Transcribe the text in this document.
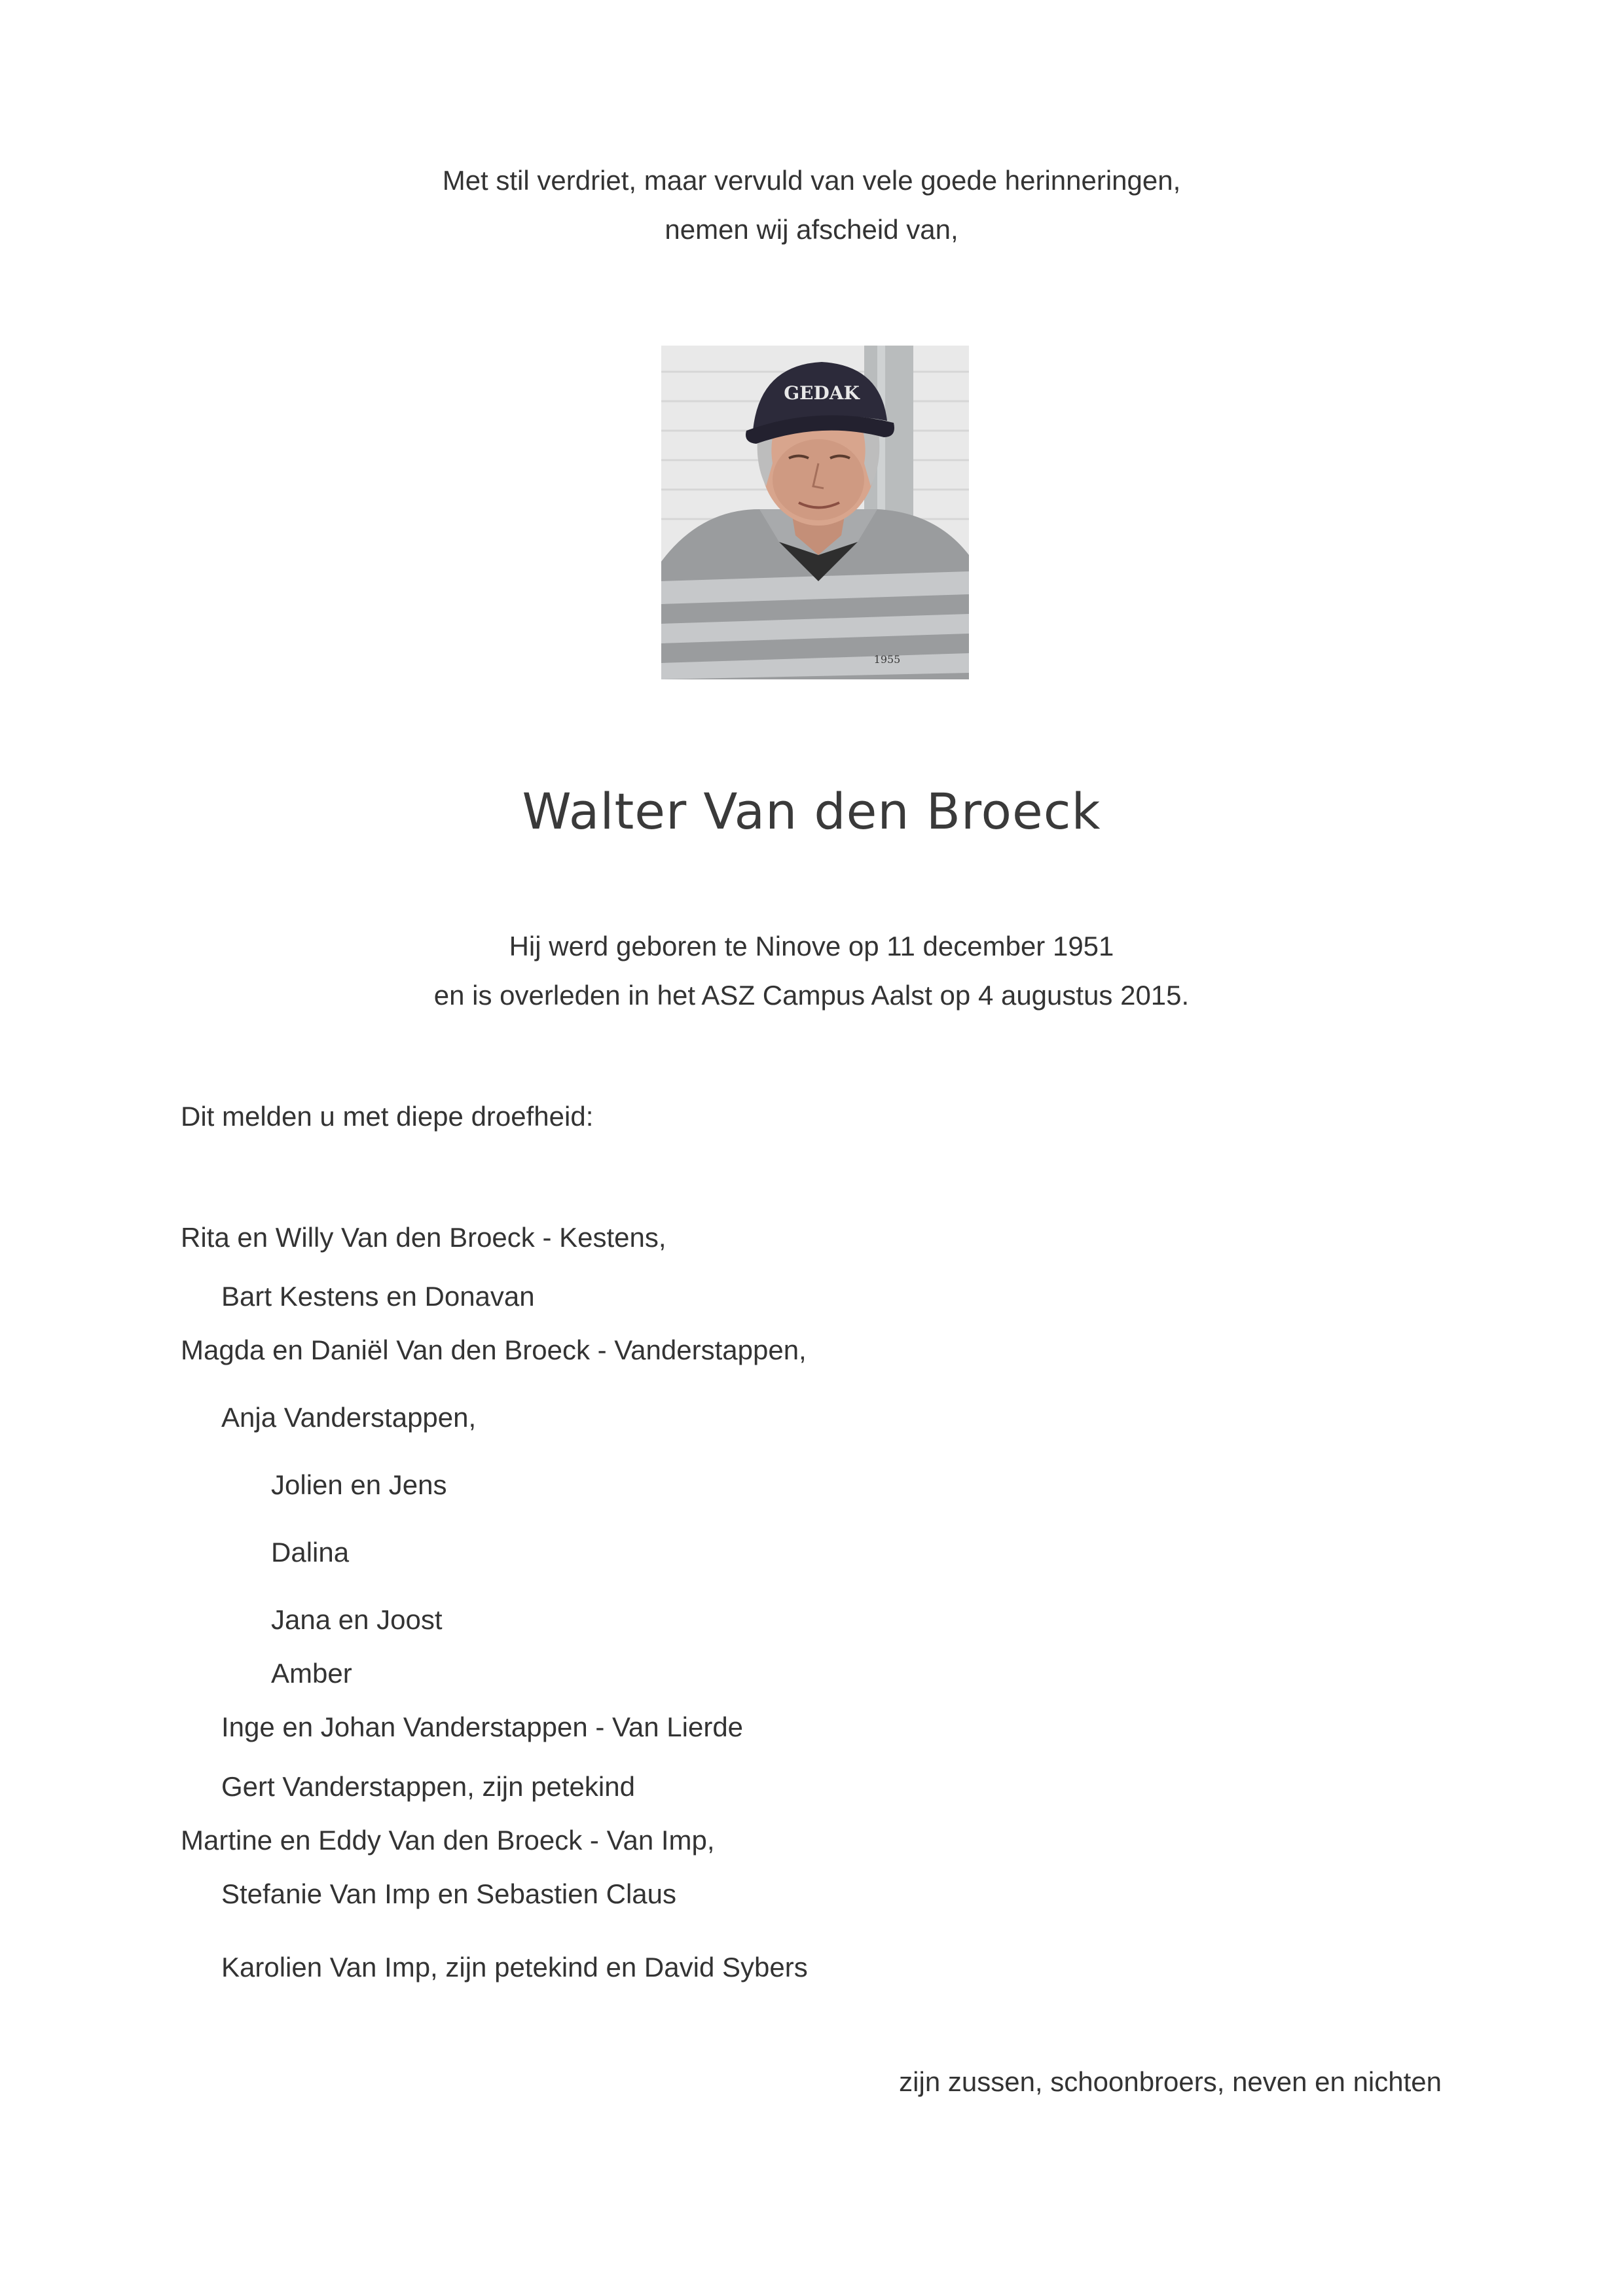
Met stil verdriet, maar vervuld van vele goede herinneringen,
nemen wij afscheid van,
GEDAK
1955
Walter Van den Broeck
Hij werd geboren te Ninove op 11 december 1951
en is overleden in het ASZ Campus Aalst op 4 augustus 2015.
Dit melden u met diepe droefheid:
Rita en Willy Van den Broeck - Kestens,
Bart Kestens en Donavan
Magda en Daniël Van den Broeck - Vanderstappen,
Anja Vanderstappen,
Jolien en Jens
Dalina
Jana en Joost
Amber
Inge en Johan Vanderstappen - Van Lierde
Gert Vanderstappen, zijn petekind
Martine en Eddy Van den Broeck - Van Imp,
Stefanie Van Imp en Sebastien Claus
Karolien Van Imp, zijn petekind en David Sybers
zijn zussen, schoonbroers, neven en nichten
